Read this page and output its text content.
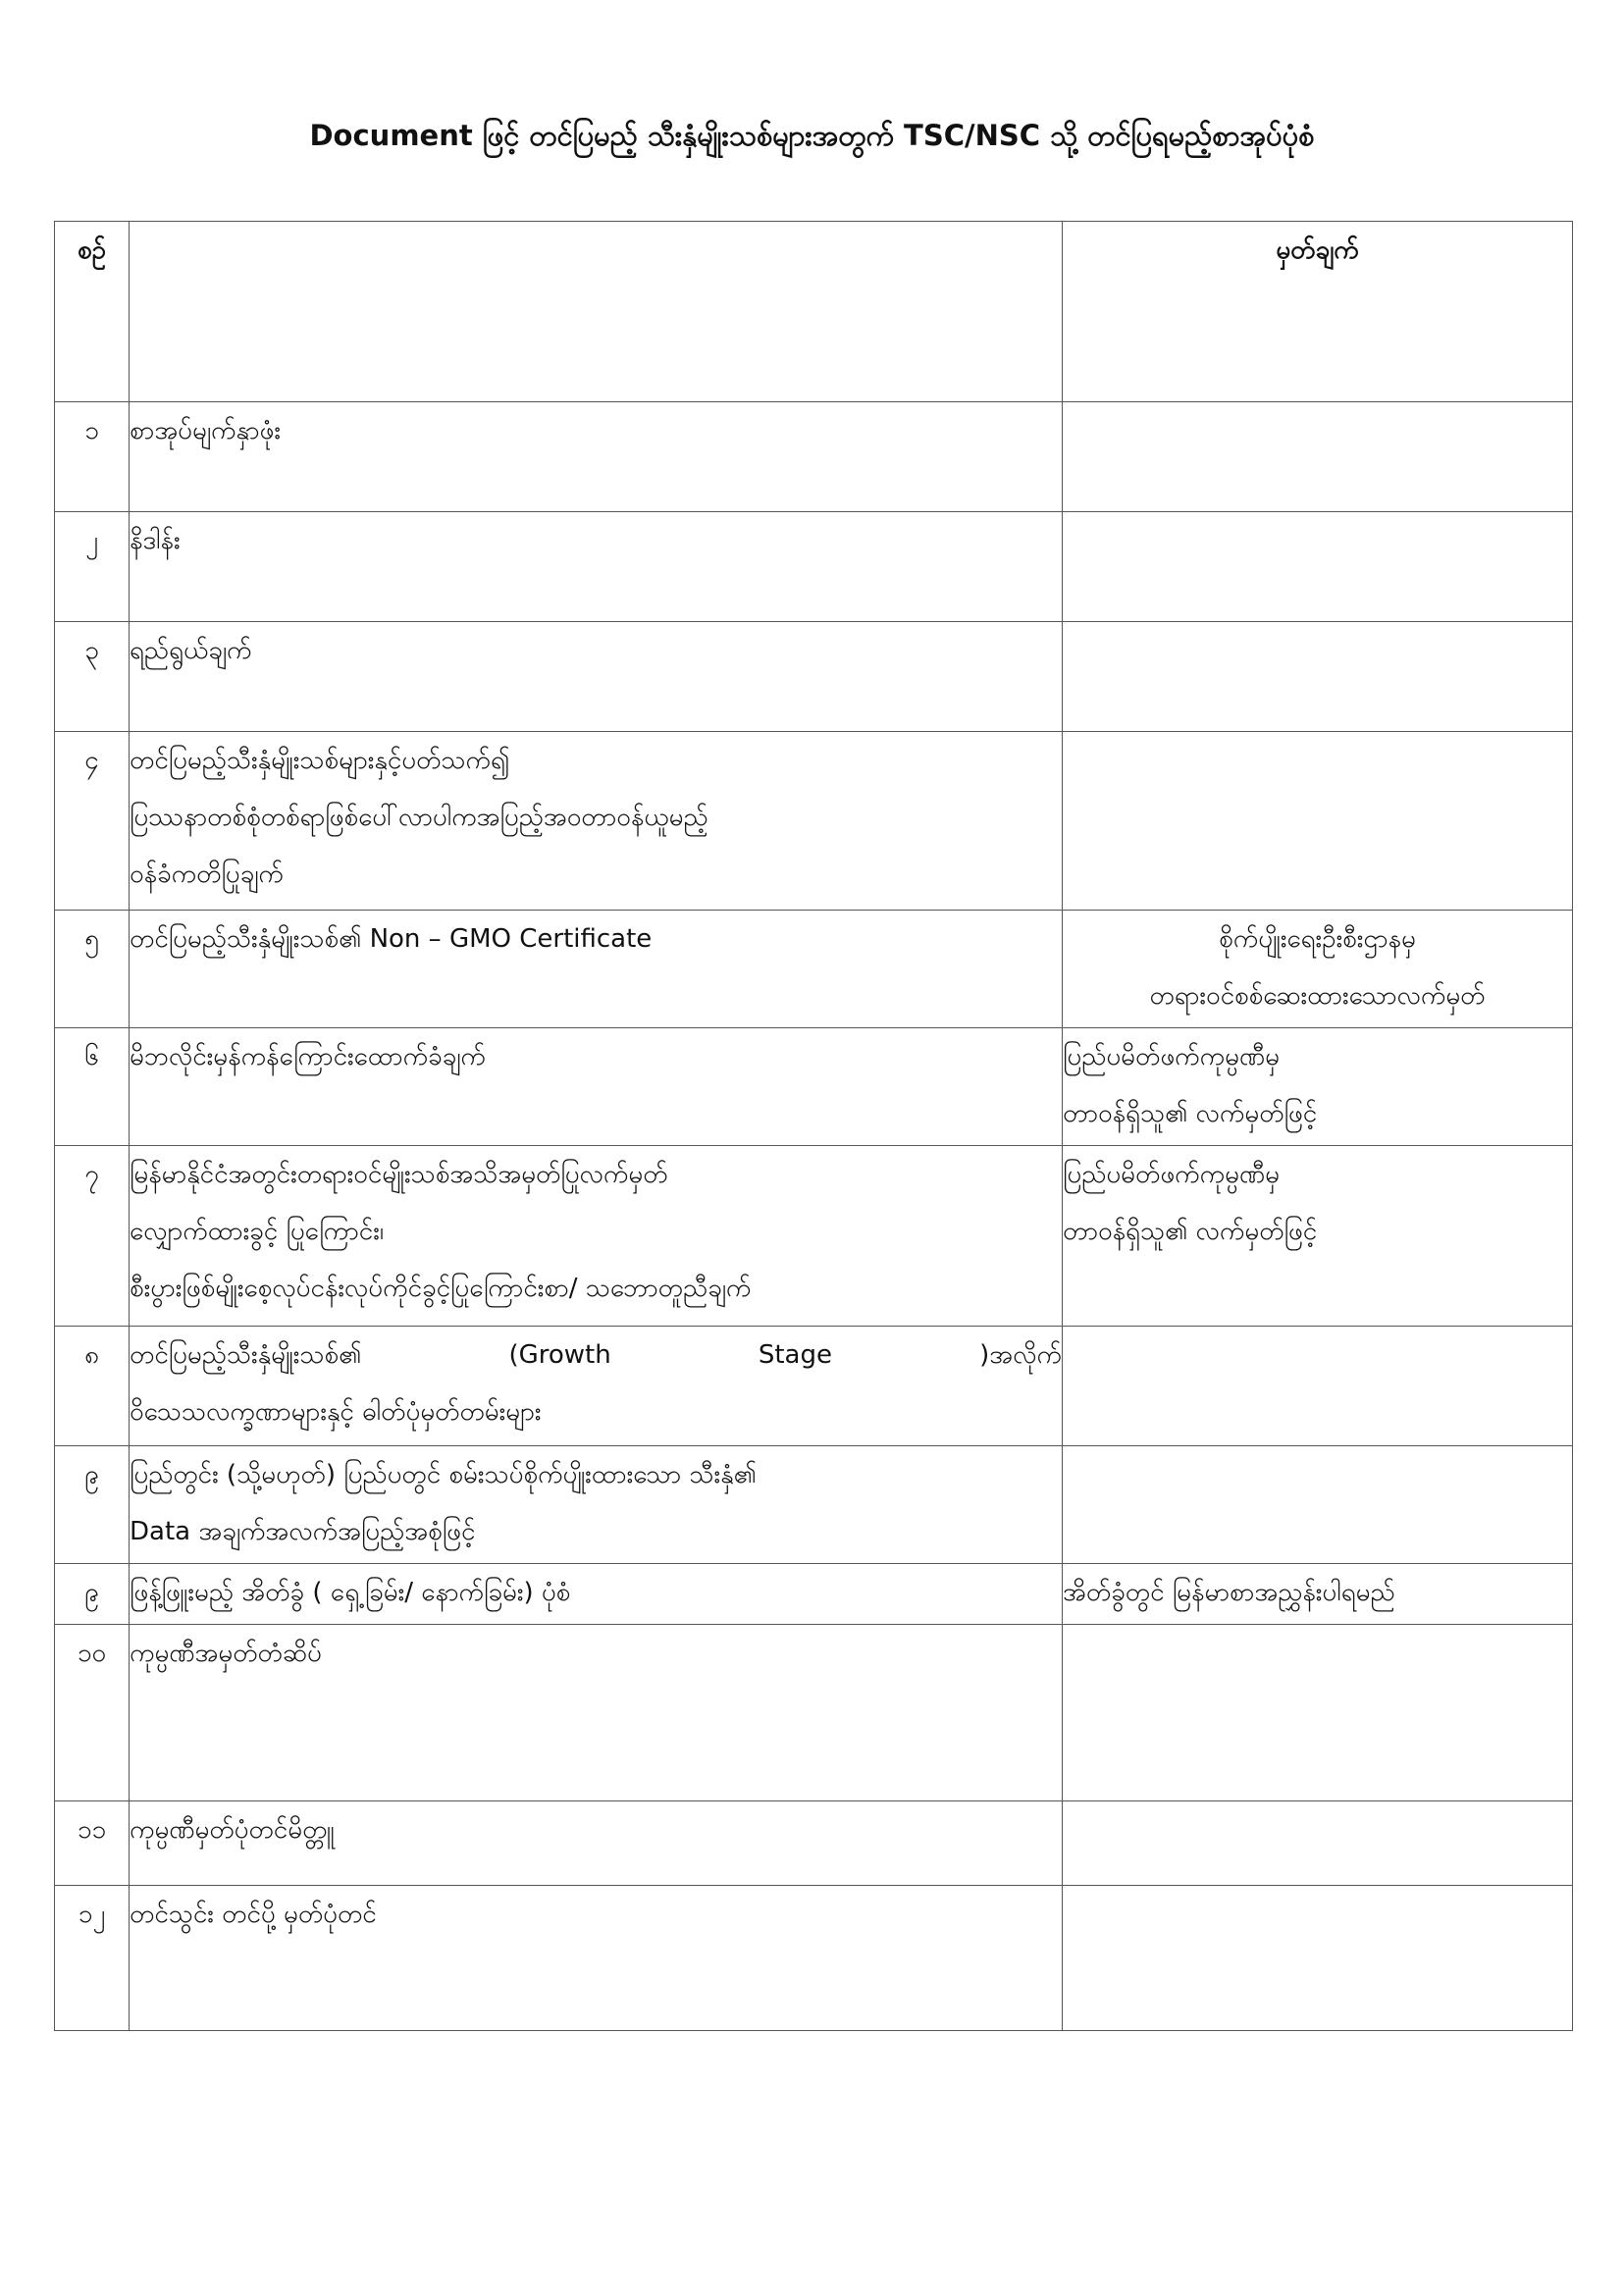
Document ဖြင့် တင်ပြမည့် သီးနှံမျိုးသစ်များအတွက် TSC/NSC သို့ တင်ပြရမည့်စာအုပ်ပုံစံ
စဉ်		မှတ်ချက်
၁	စာအုပ်မျက်နှာဖုံး	

၂	နိဒါန်း	

၃	ရည်ရွယ်ချက်	

၄	တင်ပြမည့်သီးနှံမျိုးသစ်များနှင့်ပတ်သက်၍
ပြဿနာတစ်စုံတစ်ရာဖြစ်ပေါ်လာပါကအပြည့်အဝတာဝန်ယူမည့်
ဝန်ခံကတိပြုချက်	

၅	တင်ပြမည့်သီးနှံမျိုးသစ်၏ Non – GMO Certificate	စိုက်ပျိုးရေးဦးစီးဌာနမှ
တရားဝင်စစ်ဆေးထားသောလက်မှတ်

၆	မိဘလိုင်းမှန်ကန်ကြောင်းထောက်ခံချက်	ပြည်ပမိတ်ဖက်ကုမ္ပဏီမှ
တာဝန်ရှိသူ၏ လက်မှတ်ဖြင့်

၇	မြန်မာနိုင်ငံအတွင်းတရားဝင်မျိုးသစ်အသိအမှတ်ပြုလက်မှတ်
လျှောက်ထားခွင့် ပြုကြောင်း၊
စီးပွားဖြစ်မျိုးစေ့လုပ်ငန်းလုပ်ကိုင်ခွင့်ပြုကြောင်းစာ/ သဘောတူညီချက်	ပြည်ပမိတ်ဖက်ကုမ္ပဏီမှ
တာဝန်ရှိသူ၏ လက်မှတ်ဖြင့်

၈	တင်ပြမည့်သီးနှံမျိုးသစ်၏ (Growth Stage )အလိုက်
ဝိသေသလက္ခဏာများနှင့် ဓါတ်ပုံမှတ်တမ်းများ	

၉	ပြည်တွင်း (သို့မဟုတ်) ပြည်ပတွင် စမ်းသပ်စိုက်ပျိုးထားသော သီးနှံ၏
Data အချက်အလက်အပြည့်အစုံဖြင့်	

၉	ဖြန့်ဖြူးမည့် အိတ်ခွံ ( ရှေ့ခြမ်း/ နောက်ခြမ်း) ပုံစံ	အိတ်ခွံတွင် မြန်မာစာအညွှန်းပါရမည်

၁၀	ကုမ္ပဏီအမှတ်တံဆိပ်	

၁၁	ကုမ္ပဏီမှတ်ပုံတင်မိတ္တူ	

၁၂	တင်သွင်း တင်ပို့ မှတ်ပုံတင်	
